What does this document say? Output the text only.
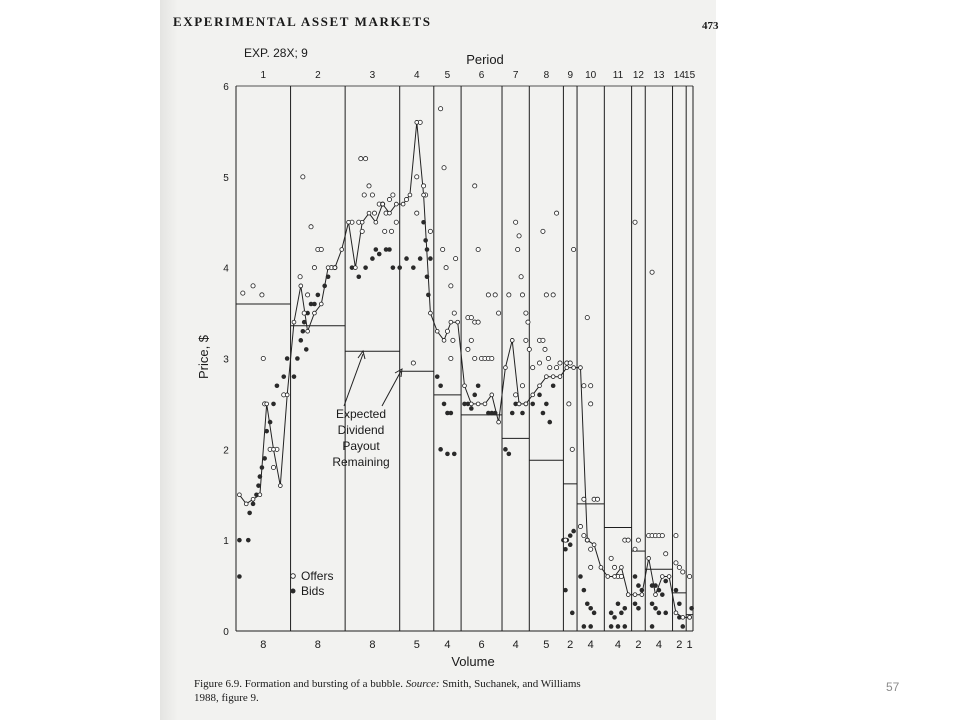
EXPERIMENTAL ASSET MARKETS	473
EXP. 28X; 9	Period
Volume
Price, $
0
1
2
3
4
5
6
1	2	3	4	5	6	7	8 9 10 11 12 13 14 15
8	8	8	5 4	6	4 5 2 4 4 2 4 2 1
Expected
Dividend
Payout
Remaining
Offers
Bids
Figure 6.9. Formation and bursting of a bubble. Source: Smith, Suchanek, and Williams
1988, figure 9.
57
